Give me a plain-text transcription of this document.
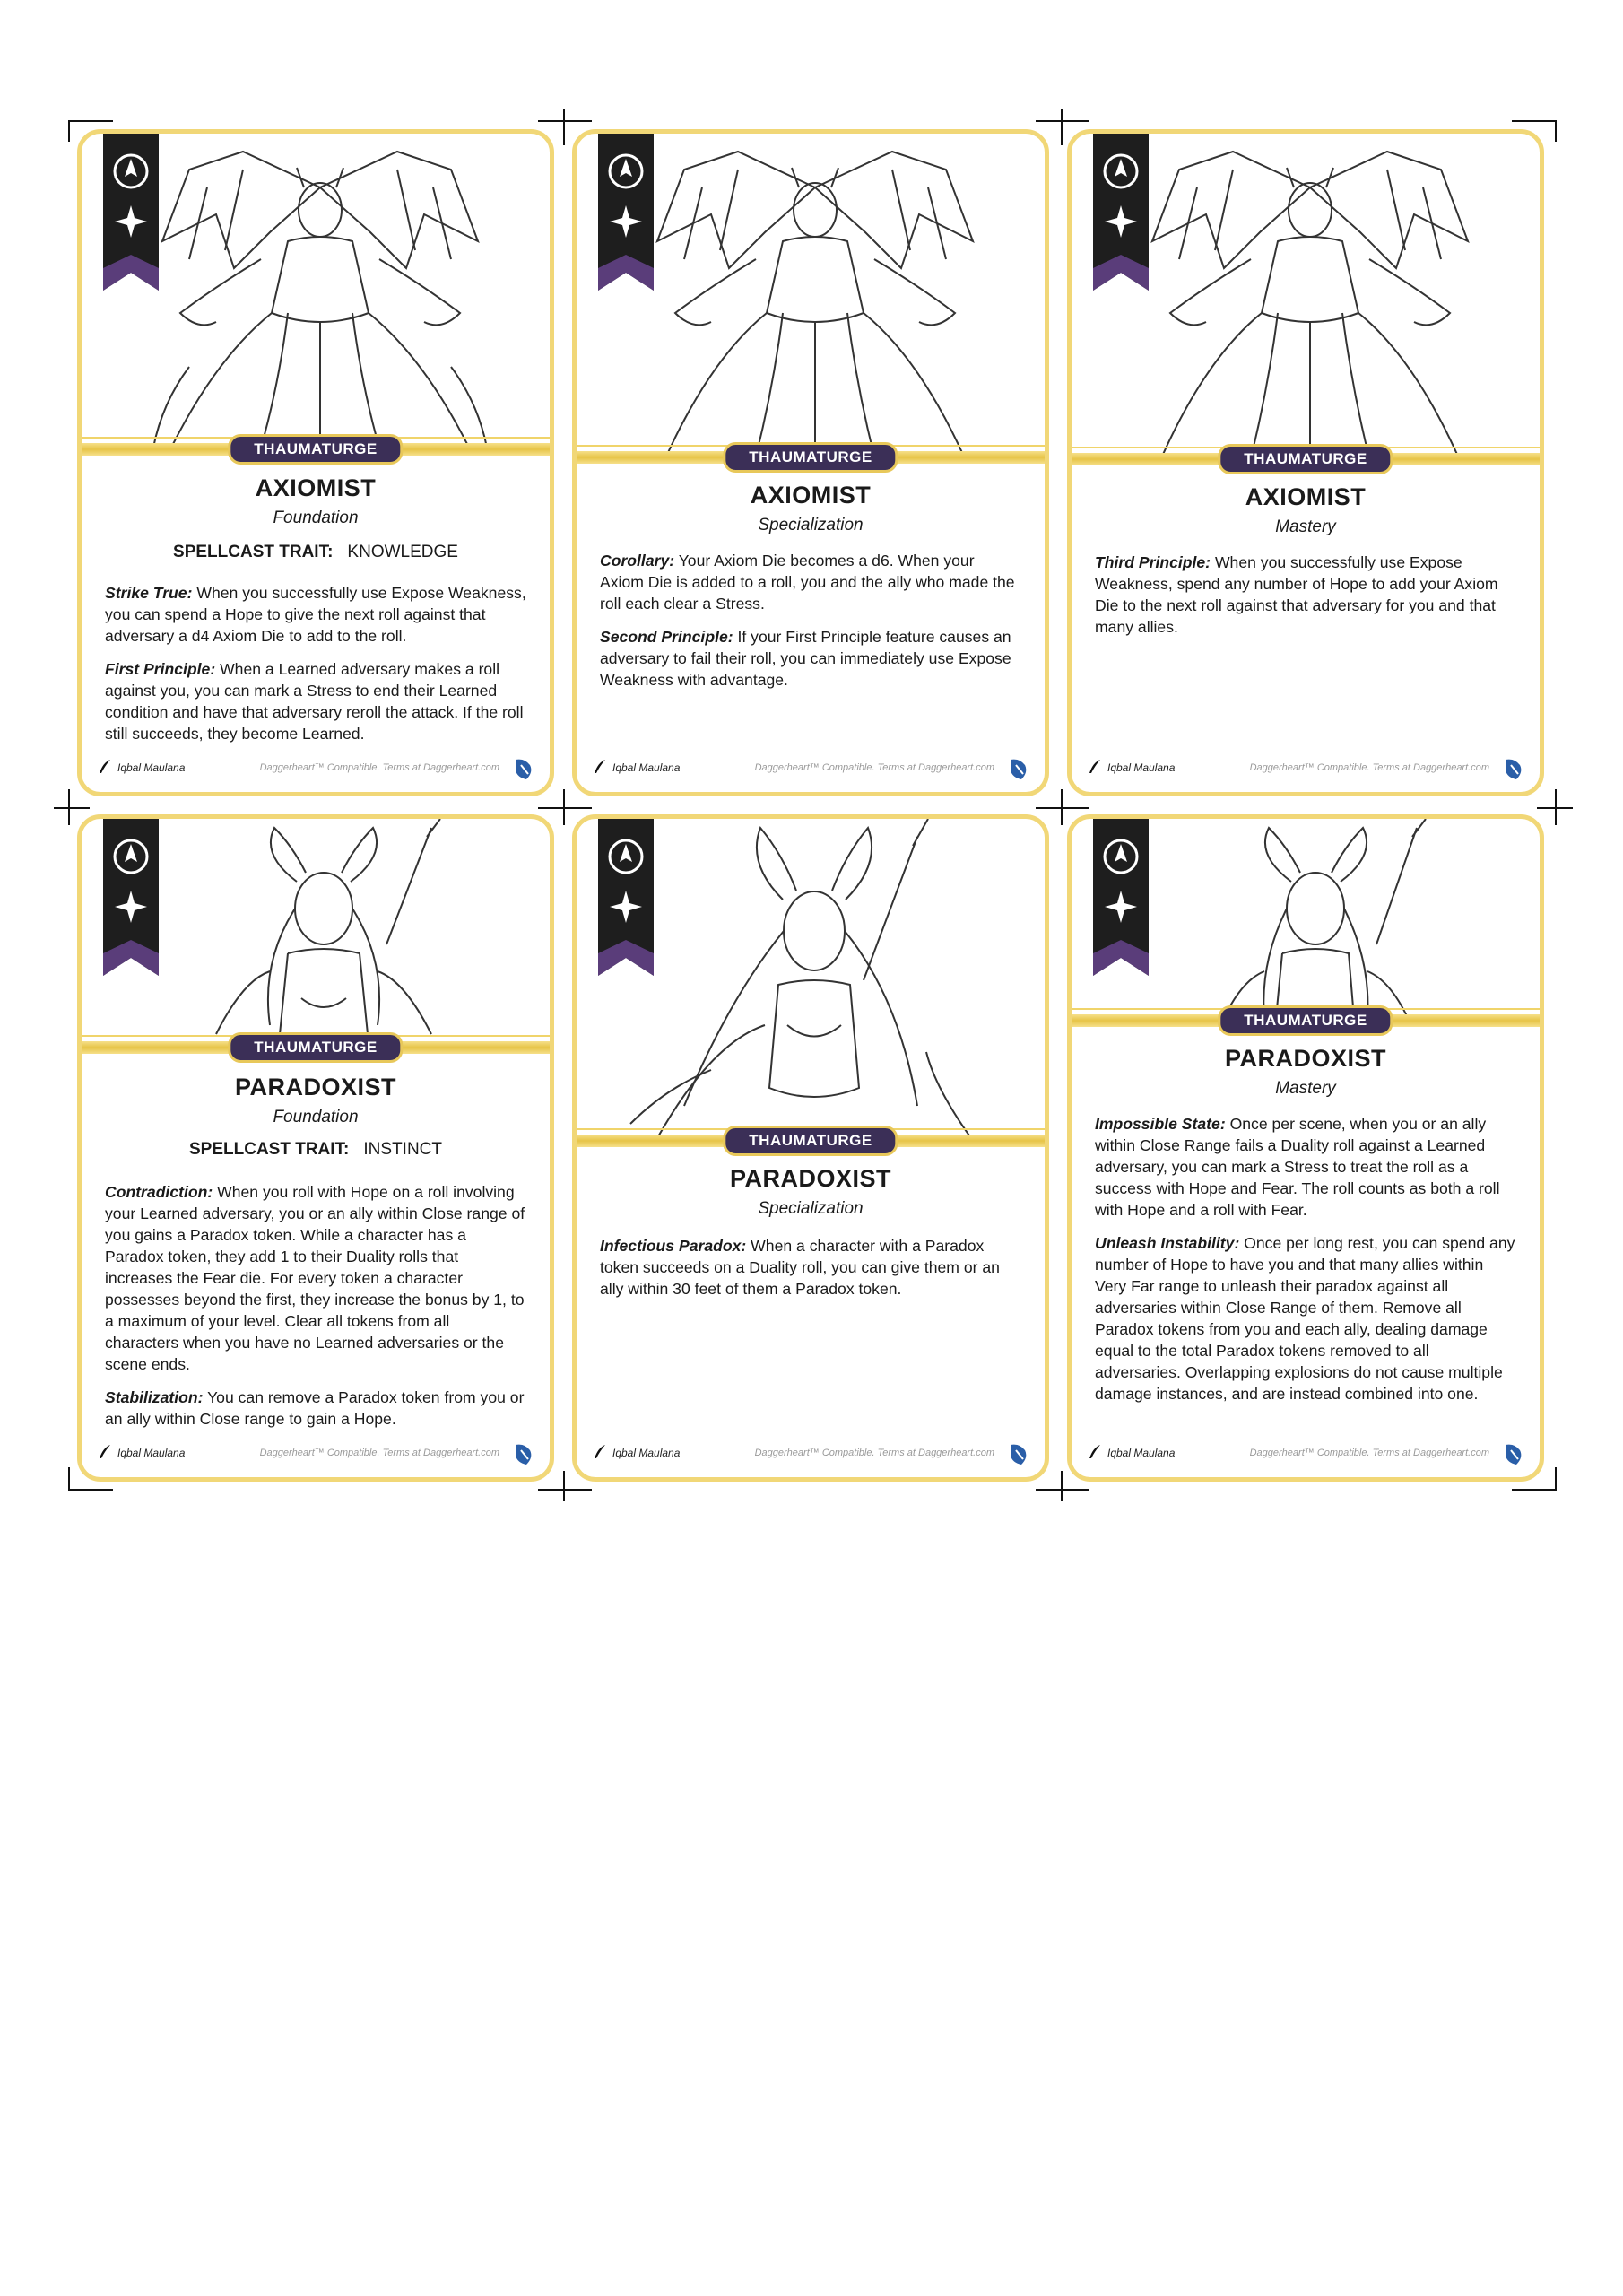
THAUMATURGE
AXIOMIST
Foundation
SPELLCAST TRAIT: KNOWLEDGE

Strike True: When you successfully use Expose Weakness, you can spend a Hope to give the next roll against that adversary a d4 Axiom Die to add to the roll.

First Principle: When a Learned adversary makes a roll against you, you can mark a Stress to end their Learned condition and have that adversary reroll the attack. If the roll still succeeds, they become Learned.

Iqbal Maulana	Daggerheart™ Compatible. Terms at Daggerheart.com
THAUMATURGE
AXIOMIST
Specialization

Corollary: Your Axiom Die becomes a d6. When your Axiom Die is added to a roll, you and the ally who made the roll each clear a Stress.

Second Principle: If your First Principle feature causes an adversary to fail their roll, you can immediately use Expose Weakness with advantage.

Iqbal Maulana	Daggerheart™ Compatible. Terms at Daggerheart.com
THAUMATURGE
AXIOMIST
Mastery

Third Principle: When you successfully use Expose Weakness, spend any number of Hope to add your Axiom Die to the next roll against that adversary for you and that many allies.

Iqbal Maulana	Daggerheart™ Compatible. Terms at Daggerheart.com
THAUMATURGE
PARADOXIST
Foundation
SPELLCAST TRAIT: INSTINCT

Contradiction: When you roll with Hope on a roll involving your Learned adversary, you or an ally within Close range of you gains a Paradox token. While a character has a Paradox token, they add 1 to their Duality rolls that increases the Fear die. For every token a character possesses beyond the first, they increase the bonus by 1, to a maximum of your level. Clear all tokens from all characters when you have no Learned adversaries or the scene ends.

Stabilization: You can remove a Paradox token from you or an ally within Close range to gain a Hope.

Iqbal Maulana	Daggerheart™ Compatible. Terms at Daggerheart.com
THAUMATURGE
PARADOXIST
Specialization

Infectious Paradox: When a character with a Paradox token succeeds on a Duality roll, you can give them or an ally within 30 feet of them a Paradox token.

Iqbal Maulana	Daggerheart™ Compatible. Terms at Daggerheart.com
THAUMATURGE
PARADOXIST
Mastery

Impossible State: Once per scene, when you or an ally within Close Range fails a Duality roll against a Learned adversary, you can mark a Stress to treat the roll as a success with Hope and Fear. The roll counts as both a roll with Hope and a roll with Fear.

Unleash Instability: Once per long rest, you can spend any number of Hope to have you and that many allies within Very Far range to unleash their paradox against all adversaries within Close Range of them. Remove all Paradox tokens from you and each ally, dealing damage equal to the total Paradox tokens removed to all adversaries. Overlapping explosions do not cause multiple damage instances, and are instead combined into one.

Iqbal Maulana	Daggerheart™ Compatible. Terms at Daggerheart.com
